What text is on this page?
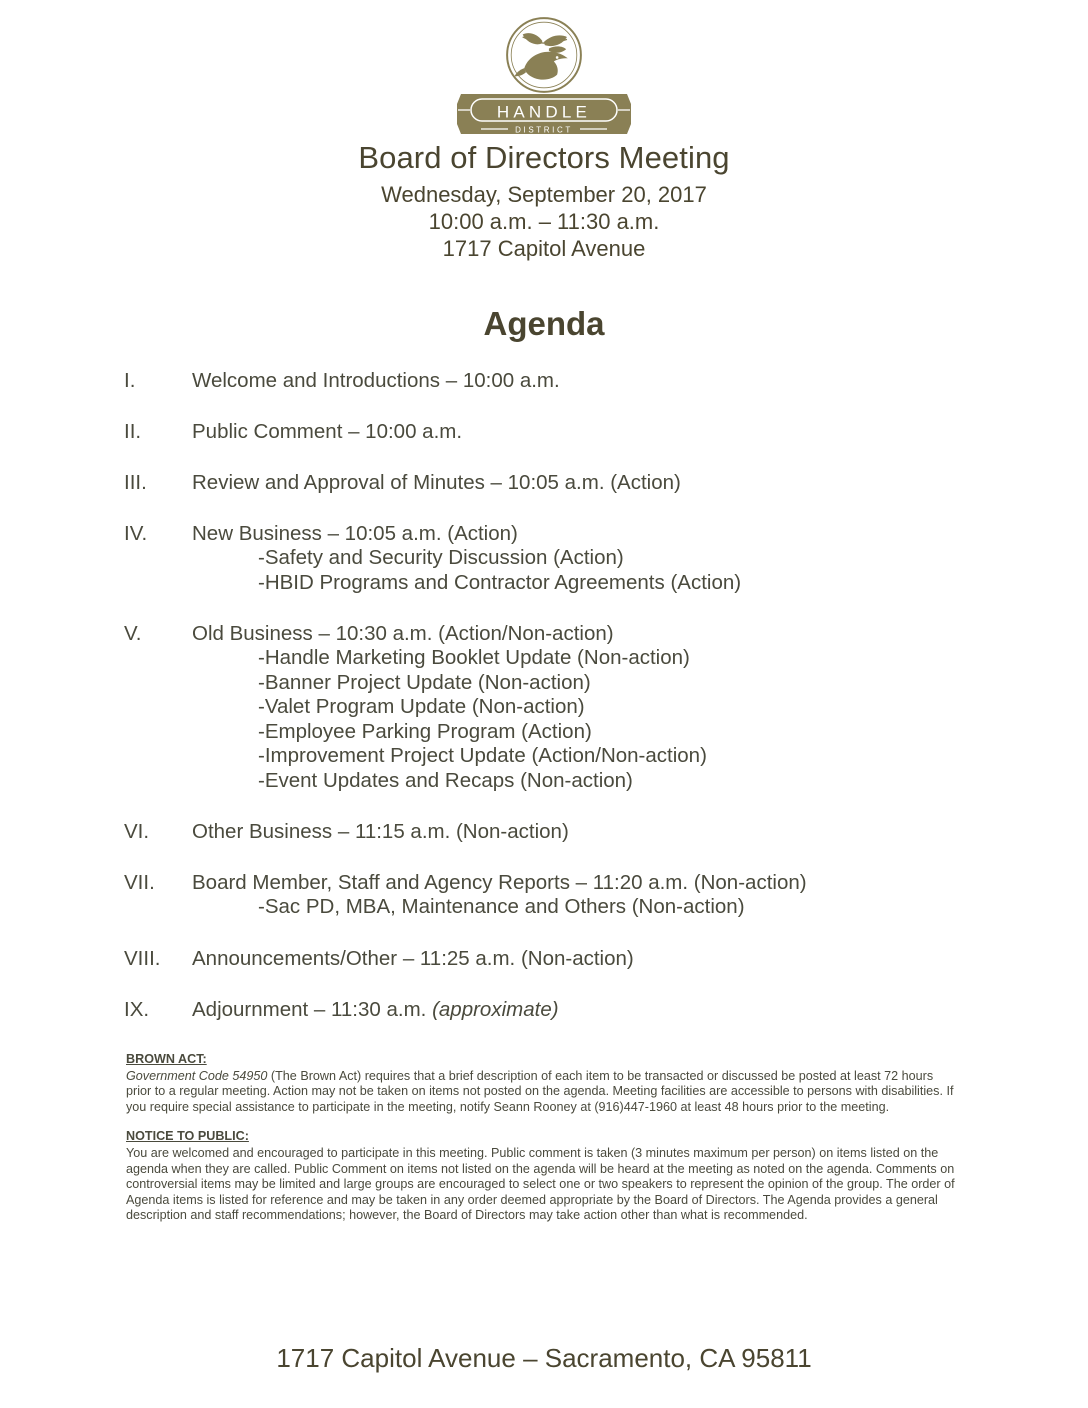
HANDLE
DISTRICT
Board of Directors Meeting
Wednesday, September 20, 2017
10:00 a.m. – 11:30 a.m.
1717 Capitol Avenue
Agenda
I.	Welcome and Introductions – 10:00 a.m.
II.	Public Comment – 10:00 a.m.
III.	Review and Approval of Minutes – 10:05 a.m. (Action)
IV.	New Business – 10:05 a.m. (Action)
-Safety and Security Discussion (Action)
-HBID Programs and Contractor Agreements (Action)
V.	Old Business – 10:30 a.m. (Action/Non-action)
-Handle Marketing Booklet Update (Non-action)
-Banner Project Update (Non-action)
-Valet Program Update (Non-action)
-Employee Parking Program (Action)
-Improvement Project Update (Action/Non-action)
-Event Updates and Recaps (Non-action)
VI.	Other Business – 11:15 a.m. (Non-action)
VII.	Board Member, Staff and Agency Reports – 11:20 a.m. (Non-action)
-Sac PD, MBA, Maintenance and Others (Non-action)
VIII.	Announcements/Other – 11:25 a.m. (Non-action)
IX.	Adjournment – 11:30 a.m. (approximate)
BROWN ACT:
Government Code 54950 (The Brown Act) requires that a brief description of each item to be transacted or discussed be posted at least 72 hours prior to a regular meeting. Action may not be taken on items not posted on the agenda. Meeting facilities are accessible to persons with disabilities. If you require special assistance to participate in the meeting, notify Seann Rooney at (916)447-1960 at least 48 hours prior to the meeting.
NOTICE TO PUBLIC:
You are welcomed and encouraged to participate in this meeting. Public comment is taken (3 minutes maximum per person) on items listed on the agenda when they are called. Public Comment on items not listed on the agenda will be heard at the meeting as noted on the agenda. Comments on controversial items may be limited and large groups are encouraged to select one or two speakers to represent the opinion of the group. The order of Agenda items is listed for reference and may be taken in any order deemed appropriate by the Board of Directors. The Agenda provides a general description and staff recommendations; however, the Board of Directors may take action other than what is recommended.
1717 Capitol Avenue – Sacramento, CA 95811
